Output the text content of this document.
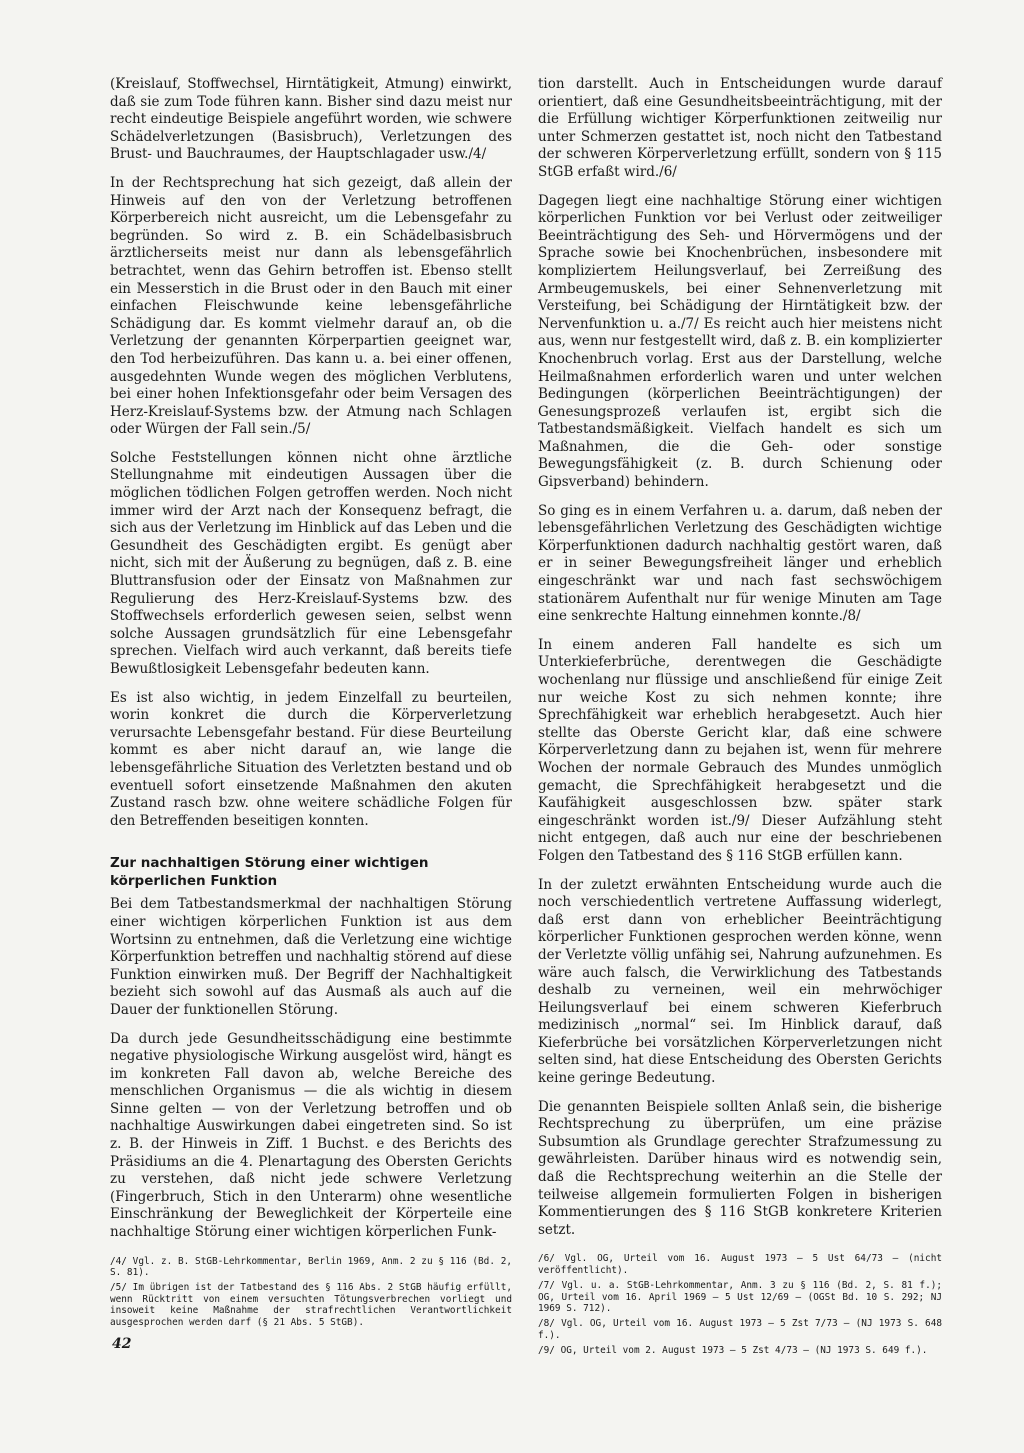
(Kreislauf, Stoffwechsel, Hirntätigkeit, Atmung) einwirkt, daß sie zum Tode führen kann. Bisher sind dazu meist nur recht eindeutige Beispiele angeführt worden, wie schwere Schädelverletzungen (Basisbruch), Verletzungen des Brust- und Bauchraumes, der Hauptschlagader usw./4/

In der Rechtsprechung hat sich gezeigt, daß allein der Hinweis auf den von der Verletzung betroffenen Körperbereich nicht ausreicht, um die Lebensgefahr zu begründen. So wird z. B. ein Schädelbasisbruch ärztlicherseits meist nur dann als lebensgefährlich betrachtet, wenn das Gehirn betroffen ist. Ebenso stellt ein Messerstich in die Brust oder in den Bauch mit einer einfachen Fleischwunde keine lebensgefährliche Schädigung dar. Es kommt vielmehr darauf an, ob die Verletzung der genannten Körperpartien geeignet war, den Tod herbeizuführen. Das kann u. a. bei einer offenen, ausgedehnten Wunde wegen des möglichen Verblutens, bei einer hohen Infektionsgefahr oder beim Versagen des Herz-Kreislauf-Systems bzw. der Atmung nach Schlagen oder Würgen der Fall sein./5/

Solche Feststellungen können nicht ohne ärztliche Stellungnahme mit eindeutigen Aussagen über die möglichen tödlichen Folgen getroffen werden. Noch nicht immer wird der Arzt nach der Konsequenz befragt, die sich aus der Verletzung im Hinblick auf das Leben und die Gesundheit des Geschädigten ergibt. Es genügt aber nicht, sich mit der Äußerung zu begnügen, daß z. B. eine Bluttransfusion oder der Einsatz von Maßnahmen zur Regulierung des Herz-Kreislauf-Systems bzw. des Stoffwechsels erforderlich gewesen seien, selbst wenn solche Aussagen grundsätzlich für eine Lebensgefahr sprechen. Vielfach wird auch verkannt, daß bereits tiefe Bewußtlosigkeit Lebensgefahr bedeuten kann.

Es ist also wichtig, in jedem Einzelfall zu beurteilen, worin konkret die durch die Körperverletzung verursachte Lebensgefahr bestand. Für diese Beurteilung kommt es aber nicht darauf an, wie lange die lebensgefährliche Situation des Verletzten bestand und ob eventuell sofort einsetzende Maßnahmen den akuten Zustand rasch bzw. ohne weitere schädliche Folgen für den Betreffenden beseitigen konnten.

Zur nachhaltigen Störung einer wichtigen körperlichen Funktion

Bei dem Tatbestandsmerkmal der nachhaltigen Störung einer wichtigen körperlichen Funktion ist aus dem Wortsinn zu entnehmen, daß die Verletzung eine wichtige Körperfunktion betreffen und nachhaltig störend auf diese Funktion einwirken muß. Der Begriff der Nachhaltigkeit bezieht sich sowohl auf das Ausmaß als auch auf die Dauer der funktionellen Störung.

Da durch jede Gesundheitsschädigung eine bestimmte negative physiologische Wirkung ausgelöst wird, hängt es im konkreten Fall davon ab, welche Bereiche des menschlichen Organismus — die als wichtig in diesem Sinne gelten — von der Verletzung betroffen und ob nachhaltige Auswirkungen dabei eingetreten sind. So ist z. B. der Hinweis in Ziff. 1 Buchst. e des Berichts des Präsidiums an die 4. Plenartagung des Obersten Gerichts zu verstehen, daß nicht jede schwere Verletzung (Fingerbruch, Stich in den Unterarm) ohne wesentliche Einschränkung der Beweglichkeit der Körperteile eine nachhaltige Störung einer wichtigen körperlichen Funk-

/4/ Vgl. z. B. StGB-Lehrkommentar, Berlin 1969, Anm. 2 zu § 116 (Bd. 2, S. 81).

/5/ Im übrigen ist der Tatbestand des § 116 Abs. 2 StGB häufig erfüllt, wenn Rücktritt von einem versuchten Tötungsverbrechen vorliegt und insoweit keine Maßnahme der strafrechtlichen Verantwortlichkeit ausgesprochen werden darf (§ 21 Abs. 5 StGB).

tion darstellt. Auch in Entscheidungen wurde darauf orientiert, daß eine Gesundheitsbeeinträchtigung, mit der die Erfüllung wichtiger Körperfunktionen zeitweilig nur unter Schmerzen gestattet ist, noch nicht den Tatbestand der schweren Körperverletzung erfüllt, sondern von § 115 StGB erfaßt wird./6/

Dagegen liegt eine nachhaltige Störung einer wichtigen körperlichen Funktion vor bei Verlust oder zeitweiliger Beeinträchtigung des Seh- und Hörvermögens und der Sprache sowie bei Knochenbrüchen, insbesondere mit kompliziertem Heilungsverlauf, bei Zerreißung des Armbeugemuskels, bei einer Sehnenverletzung mit Versteifung, bei Schädigung der Hirntätigkeit bzw. der Nervenfunktion u. a./7/ Es reicht auch hier meistens nicht aus, wenn nur festgestellt wird, daß z. B. ein komplizierter Knochenbruch vorlag. Erst aus der Darstellung, welche Heilmaßnahmen erforderlich waren und unter welchen Bedingungen (körperlichen Beeinträchtigungen) der Genesungsprozeß verlaufen ist, ergibt sich die Tatbestandsmäßigkeit. Vielfach handelt es sich um Maßnahmen, die die Geh- oder sonstige Bewegungsfähigkeit (z. B. durch Schienung oder Gipsverband) behindern.

So ging es in einem Verfahren u. a. darum, daß neben der lebensgefährlichen Verletzung des Geschädigten wichtige Körperfunktionen dadurch nachhaltig gestört waren, daß er in seiner Bewegungsfreiheit länger und erheblich eingeschränkt war und nach fast sechswöchigem stationärem Aufenthalt nur für wenige Minuten am Tage eine senkrechte Haltung einnehmen konnte./8/

In einem anderen Fall handelte es sich um Unterkieferbrüche, derentwegen die Geschädigte wochenlang nur flüssige und anschließend für einige Zeit nur weiche Kost zu sich nehmen konnte; ihre Sprechfähigkeit war erheblich herabgesetzt. Auch hier stellte das Oberste Gericht klar, daß eine schwere Körperverletzung dann zu bejahen ist, wenn für mehrere Wochen der normale Gebrauch des Mundes unmöglich gemacht, die Sprechfähigkeit herabgesetzt und die Kaufähigkeit ausgeschlossen bzw. später stark eingeschränkt worden ist./9/ Dieser Aufzählung steht nicht entgegen, daß auch nur eine der beschriebenen Folgen den Tatbestand des § 116 StGB erfüllen kann.

In der zuletzt erwähnten Entscheidung wurde auch die noch verschiedentlich vertretene Auffassung widerlegt, daß erst dann von erheblicher Beeinträchtigung körperlicher Funktionen gesprochen werden könne, wenn der Verletzte völlig unfähig sei, Nahrung aufzunehmen. Es wäre auch falsch, die Verwirklichung des Tatbestands deshalb zu verneinen, weil ein mehrwöchiger Heilungsverlauf bei einem schweren Kieferbruch medizinisch „normal“ sei. Im Hinblick darauf, daß Kieferbrüche bei vorsätzlichen Körperverletzungen nicht selten sind, hat diese Entscheidung des Obersten Gerichts keine geringe Bedeutung.

Die genannten Beispiele sollten Anlaß sein, die bisherige Rechtsprechung zu überprüfen, um eine präzise Subsumtion als Grundlage gerechter Strafzumessung zu gewährleisten. Darüber hinaus wird es notwendig sein, daß die Rechtsprechung weiterhin an die Stelle der teilweise allgemein formulierten Folgen in bisherigen Kommentierungen des § 116 StGB konkretere Kriterien setzt.

/6/ Vgl. OG, Urteil vom 16. August 1973 – 5 Ust 64/73 – (nicht veröffentlicht).

/7/ Vgl. u. a. StGB-Lehrkommentar, Anm. 3 zu § 116 (Bd. 2, S. 81 f.); OG, Urteil vom 16. April 1969 – 5 Ust 12/69 – (OGSt Bd. 10 S. 292; NJ 1969 S. 712).

/8/ Vgl. OG, Urteil vom 16. August 1973 – 5 Zst 7/73 – (NJ 1973 S. 648 f.).

/9/ OG, Urteil vom 2. August 1973 – 5 Zst 4/73 – (NJ 1973 S. 649 f.).

42
